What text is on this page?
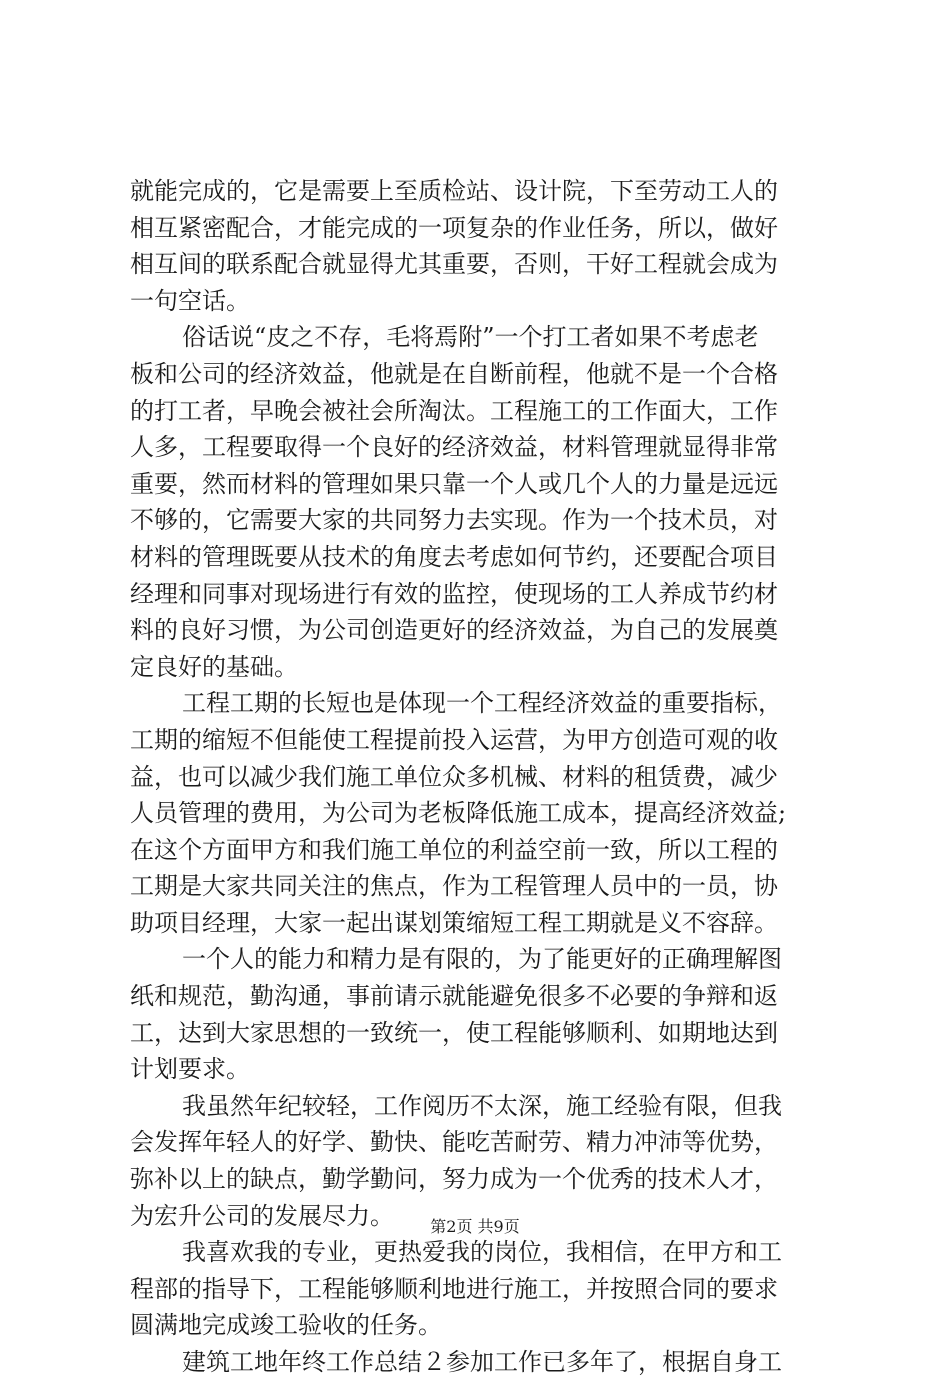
就能完成的，它是需要上至质检站、设计院，下至劳动工人的
相互紧密配合，才能完成的一项复杂的作业任务，所以，做好
相互间的联系配合就显得尤其重要，否则，干好工程就会成为
一句空话。
俗话说“皮之不存，毛将焉附”一个打工者如果不考虑老
板和公司的经济效益，他就是在自断前程，他就不是一个合格
的打工者，早晚会被社会所淘汰。工程施工的工作面大，工作
人多，工程要取得一个良好的经济效益，材料管理就显得非常
重要，然而材料的管理如果只靠一个人或几个人的力量是远远
不够的，它需要大家的共同努力去实现。作为一个技术员，对
材料的管理既要从技术的角度去考虑如何节约，还要配合项目
经理和同事对现场进行有效的监控，使现场的工人养成节约材
料的良好习惯，为公司创造更好的经济效益，为自己的发展奠
定良好的基础。
工程工期的长短也是体现一个工程经济效益的重要指标，
工期的缩短不但能使工程提前投入运营，为甲方创造可观的收
益，也可以减少我们施工单位众多机械、材料的租赁费，减少
人员管理的费用，为公司为老板降低施工成本，提高经济效益;
在这个方面甲方和我们施工单位的利益空前一致，所以工程的
工期是大家共同关注的焦点，作为工程管理人员中的一员，协
助项目经理，大家一起出谋划策缩短工程工期就是义不容辞。
一个人的能力和精力是有限的，为了能更好的正确理解图
纸和规范，勤沟通，事前请示就能避免很多不必要的争辩和返
工，达到大家思想的一致统一，使工程能够顺利、如期地达到
计划要求。
我虽然年纪较轻，工作阅历不太深，施工经验有限，但我
会发挥年轻人的好学、勤快、能吃苦耐劳、精力冲沛等优势，
弥补以上的缺点，勤学勤问，努力成为一个优秀的技术人才，
为宏升公司的发展尽力。
我喜欢我的专业，更热爱我的岗位，我相信，在甲方和工
程部的指导下，工程能够顺利地进行施工，并按照合同的要求
圆满地完成竣工验收的任务。
建筑工地年终工作总结２参加工作已多年了，根据自身工
第2页 共9页
